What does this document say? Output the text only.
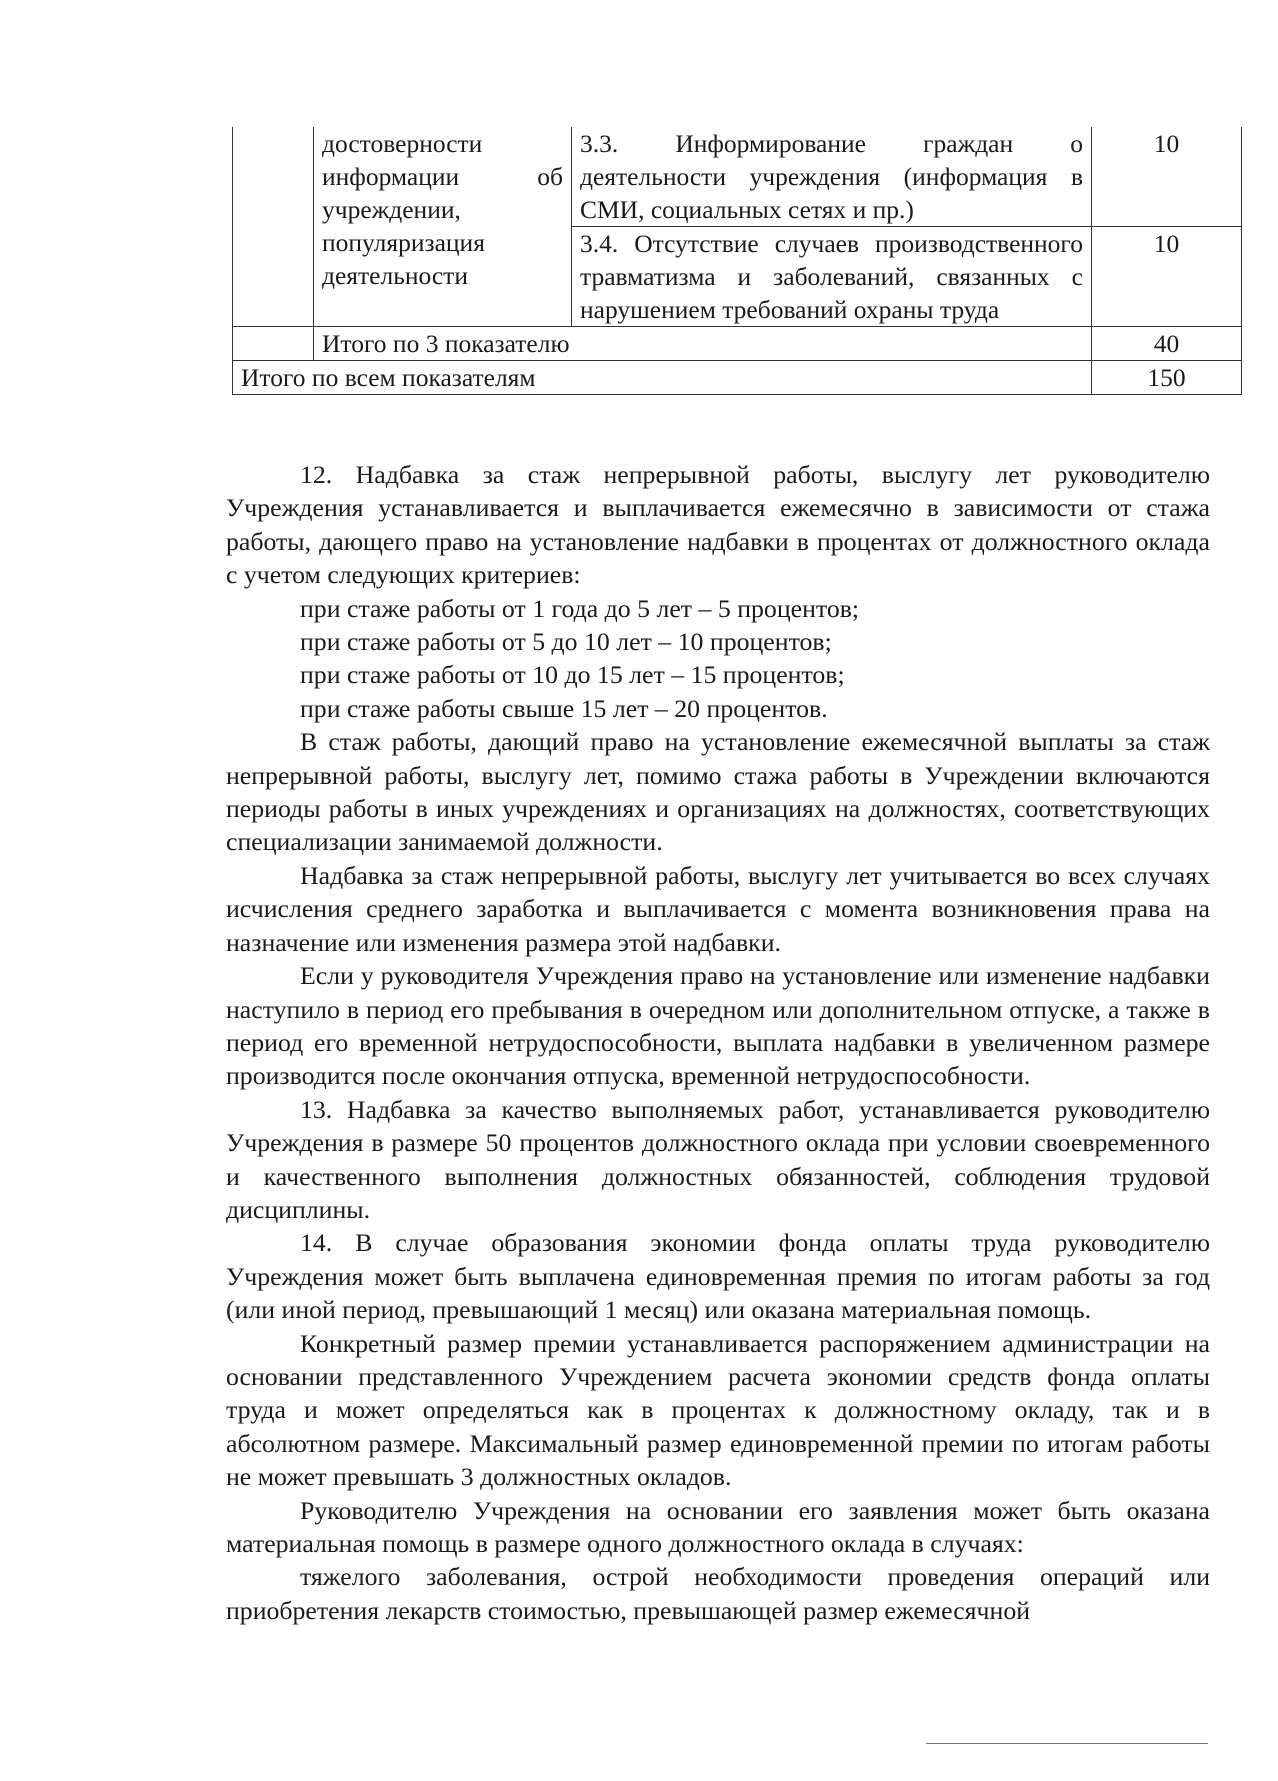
	достоверности информации об учреждении, популяризация деятельности	3.3. Информирование граждан о деятельности учреждения (информация в СМИ, социальных сетях и пр.)	10
		3.4. Отсутствие случаев производственного травматизма и заболеваний, связанных с нарушением требований охраны труда	10
	Итого по 3 показателю		40
Итого по всем показателям			150

12. Надбавка за стаж непрерывной работы, выслугу лет руководителю Учреждения устанавливается и выплачивается ежемесячно в зависимости от стажа работы, дающего право на установление надбавки в процентах от должностного оклада с учетом следующих критериев:

при стаже работы от 1 года до 5 лет – 5 процентов;

при стаже работы от 5 до 10 лет – 10 процентов;

при стаже работы от 10 до 15 лет – 15 процентов;

при стаже работы свыше 15 лет – 20 процентов.

В стаж работы, дающий право на установление ежемесячной выплаты за стаж непрерывной работы, выслугу лет, помимо стажа работы в Учреждении включаются периоды работы в иных учреждениях и организациях на должностях, соответствующих специализации занимаемой должности.

Надбавка за стаж непрерывной работы, выслугу лет учитывается во всех случаях исчисления среднего заработка и выплачивается с момента возникновения права на назначение или изменения размера этой надбавки.

Если у руководителя Учреждения право на установление или изменение надбавки наступило в период его пребывания в очередном или дополнительном отпуске, а также в период его временной нетрудоспособности, выплата надбавки в увеличенном размере производится после окончания отпуска, временной нетрудоспособности.

13. Надбавка за качество выполняемых работ, устанавливается руководителю Учреждения в размере 50 процентов должностного оклада при условии своевременного и качественного выполнения должностных обязанностей, соблюдения трудовой дисциплины.

14. В случае образования экономии фонда оплаты труда руководителю Учреждения может быть выплачена единовременная премия по итогам работы за год (или иной период, превышающий 1 месяц) или оказана материальная помощь.

Конкретный размер премии устанавливается распоряжением администрации на основании представленного Учреждением расчета экономии средств фонда оплаты труда и может определяться как в процентах к должностному окладу, так и в абсолютном размере. Максимальный размер единовременной премии по итогам работы не может превышать 3 должностных окладов.

Руководителю Учреждения на основании его заявления может быть оказана материальная помощь в размере одного должностного оклада в случаях:

тяжелого заболевания, острой необходимости проведения операций или приобретения лекарств стоимостью, превышающей размер ежемесячной
